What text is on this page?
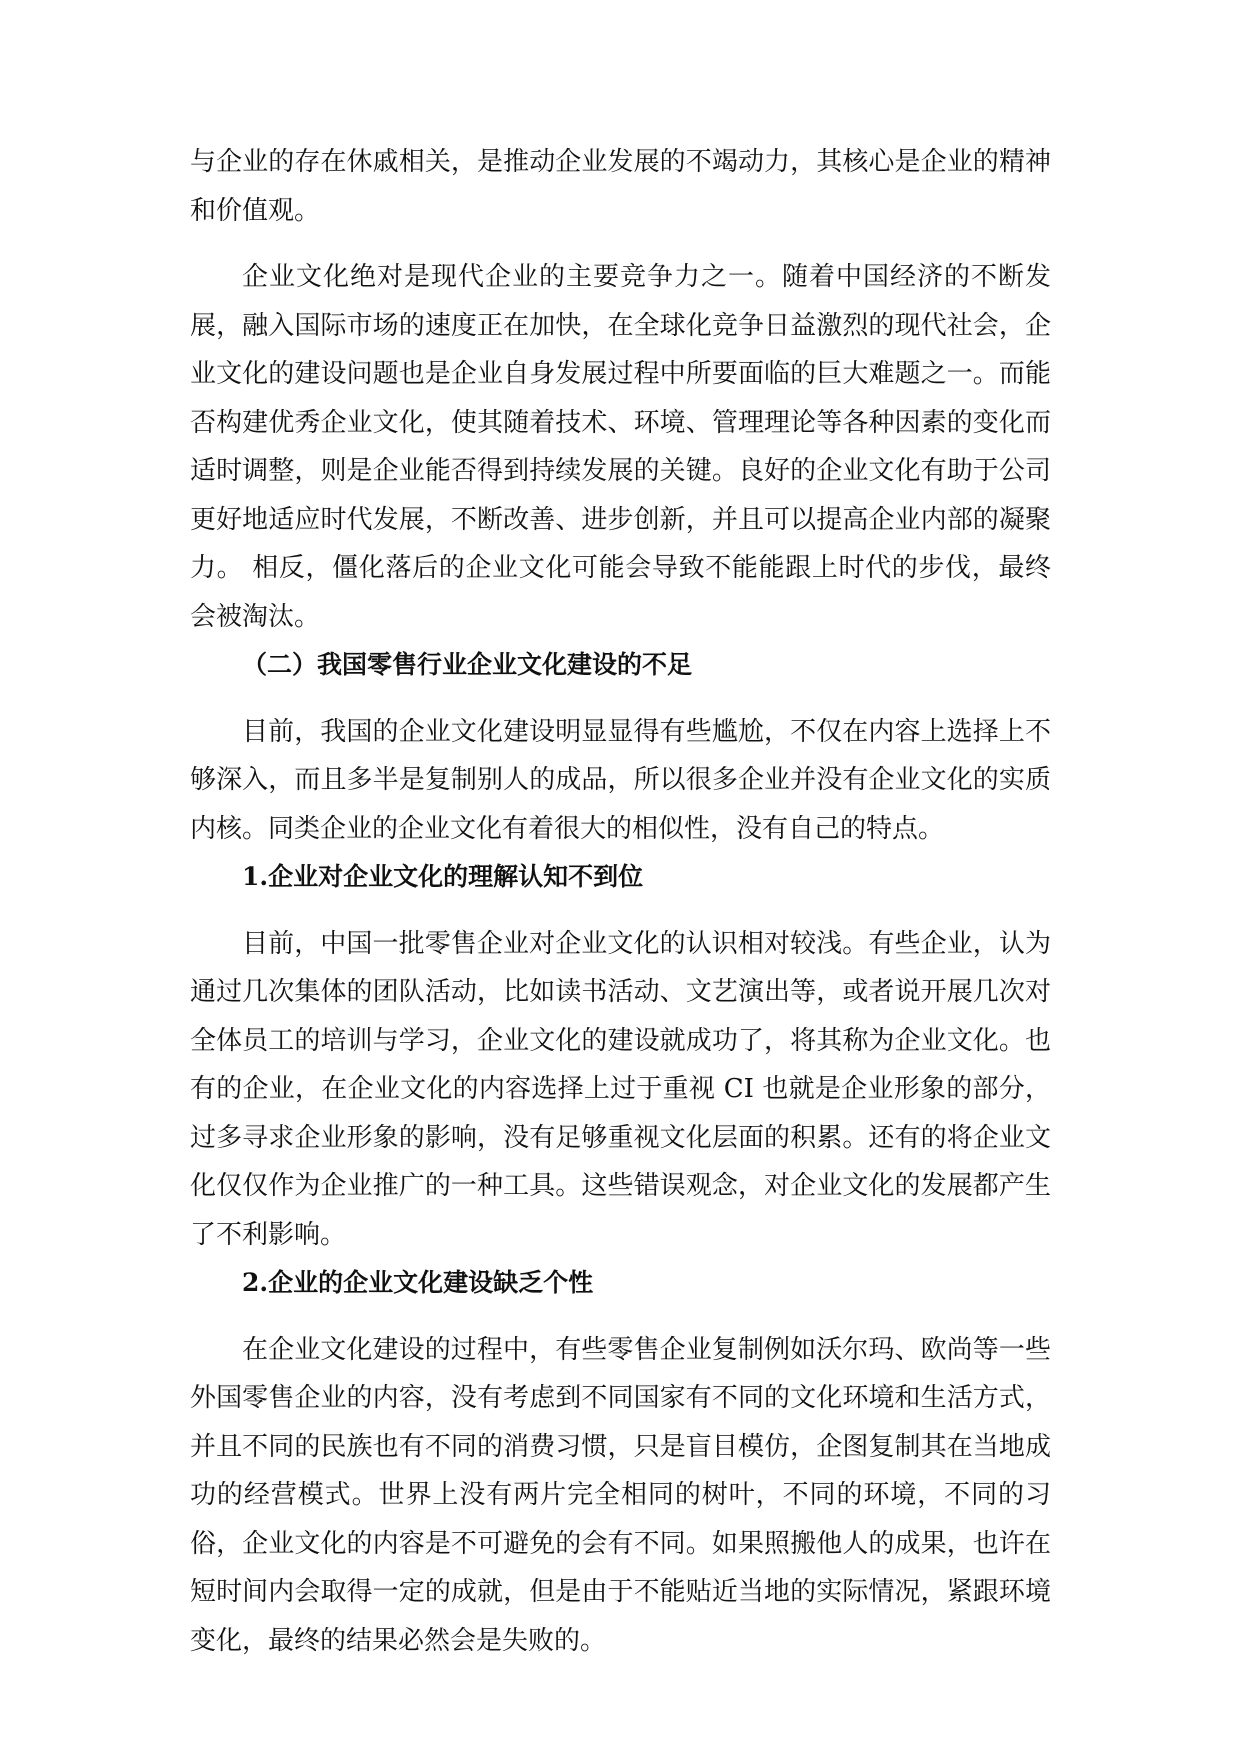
与企业的存在休戚相关，是推动企业发展的不竭动力，其核心是企业的精神和价值观。

企业文化绝对是现代企业的主要竞争力之一。随着中国经济的不断发展，融入国际市场的速度正在加快，在全球化竞争日益激烈的现代社会，企业文化的建设问题也是企业自身发展过程中所要面临的巨大难题之一。而能否构建优秀企业文化，使其随着技术、环境、管理理论等各种因素的变化而适时调整，则是企业能否得到持续发展的关键。良好的企业文化有助于公司更好地适应时代发展，不断改善、进步创新，并且可以提高企业内部的凝聚力。 相反，僵化落后的企业文化可能会导致不能能跟上时代的步伐，最终会被淘汰。

（二）我国零售行业企业文化建设的不足

目前，我国的企业文化建设明显显得有些尴尬，不仅在内容上选择上不够深入，而且多半是复制别人的成品，所以很多企业并没有企业文化的实质内核。同类企业的企业文化有着很大的相似性，没有自己的特点。

1.企业对企业文化的理解认知不到位

目前，中国一批零售企业对企业文化的认识相对较浅。有些企业，认为通过几次集体的团队活动，比如读书活动、文艺演出等，或者说开展几次对全体员工的培训与学习，企业文化的建设就成功了，将其称为企业文化。也有的企业，在企业文化的内容选择上过于重视 CI 也就是企业形象的部分，过多寻求企业形象的影响，没有足够重视文化层面的积累。还有的将企业文化仅仅作为企业推广的一种工具。这些错误观念，对企业文化的发展都产生了不利影响。

2.企业的企业文化建设缺乏个性

在企业文化建设的过程中，有些零售企业复制例如沃尔玛、欧尚等一些外国零售企业的内容，没有考虑到不同国家有不同的文化环境和生活方式，并且不同的民族也有不同的消费习惯，只是盲目模仿，企图复制其在当地成功的经营模式。世界上没有两片完全相同的树叶，不同的环境，不同的习俗，企业文化的内容是不可避免的会有不同。如果照搬他人的成果，也许在短时间内会取得一定的成就，但是由于不能贴近当地的实际情况，紧跟环境变化，最终的结果必然会是失败的。
